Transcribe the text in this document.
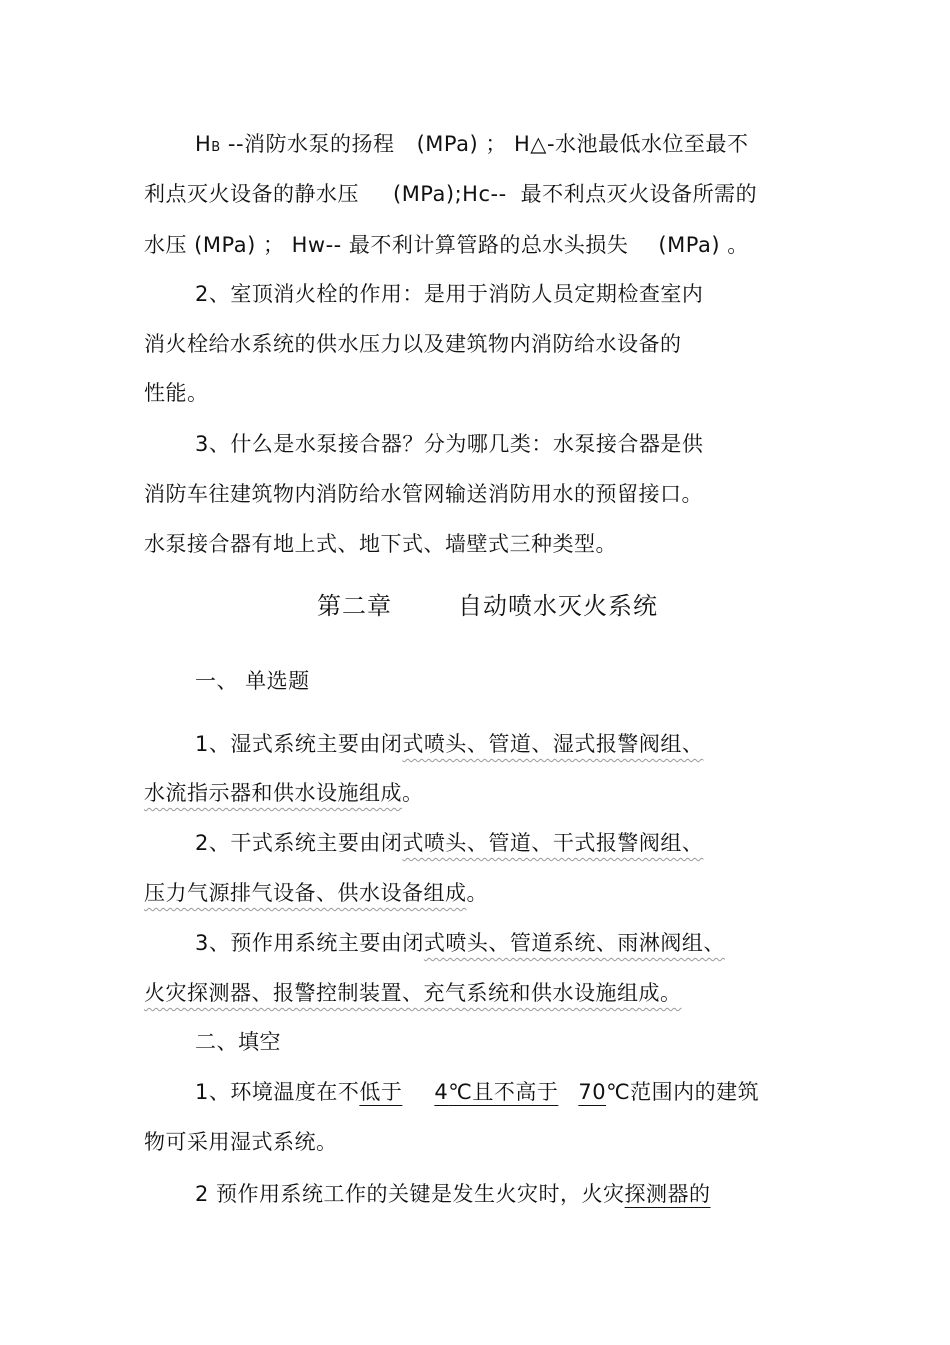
HB --消防水泵的扬程 (MPa) ； H△-水池最低水位至最不
利点灭火设备的静水压 (MPa);Hc-- 最不利点灭火设备所需的
水压 (MPa) ； Hw-- 最不利计算管路的总水头损失 (MPa) 。
2、室顶消火栓的作用：是用于消防人员定期检查室内
消火栓给水系统的供水压力以及建筑物内消防给水设备的
性能。
3、什么是水泵接合器？分为哪几类：水泵接合器是供
消防车往建筑物内消防给水管网输送消防用水的预留接口。
水泵接合器有地上式、地下式、墙壁式三种类型。
第二章	自动喷水灭火系统
一、 单选题
1、湿式系统主要由闭式喷头、管道、湿式报警阀组、
水流指示器和供水设施组成。
2、干式系统主要由闭式喷头、管道、干式报警阀组、
压力气源排气设备、供水设备组成。
3、预作用系统主要由闭式喷头、管道系统、雨淋阀组、
火灾探测器、报警控制装置、充气系统和供水设施组成。
二、填空
1、环境温度在不低于 4℃且不高于 70℃范围内的建筑
物可采用湿式系统。
2 预作用系统工作的关键是发生火灾时，火灾探测器的
